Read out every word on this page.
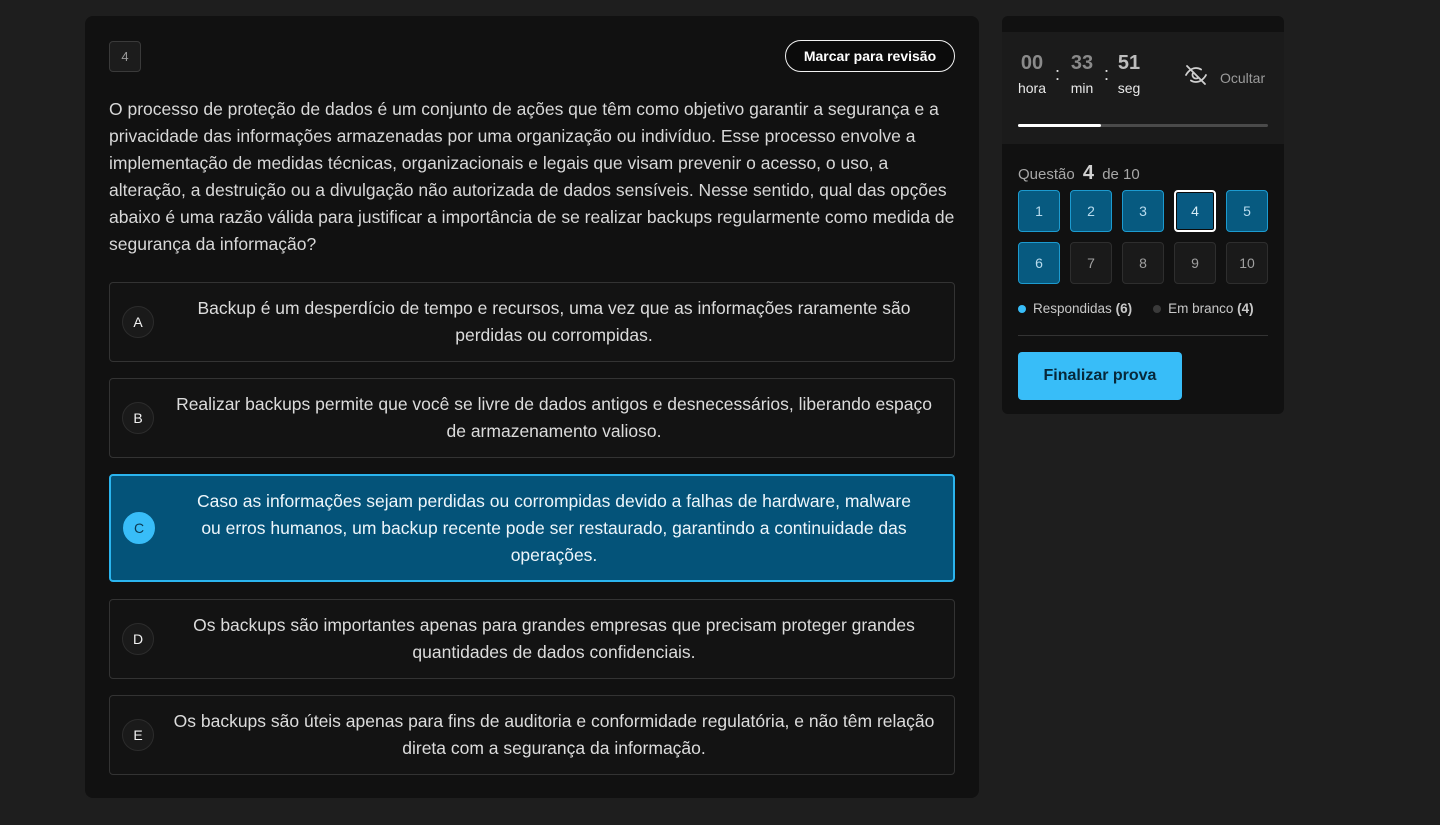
4	Marcar para revisão

O processo de proteção de dados é um conjunto de ações que têm como objetivo garantir a segurança e a privacidade das informações armazenadas por uma organização ou indivíduo. Esse processo envolve a implementação de medidas técnicas, organizacionais e legais que visam prevenir o acesso, o uso, a alteração, a destruição ou a divulgação não autorizada de dados sensíveis. Nesse sentido, qual das opções abaixo é uma razão válida para justificar a importância de se realizar backups regularmente como medida de segurança da informação?

A
Backup é um desperdício de tempo e recursos, uma vez que as informações raramente são perdidas ou corrompidas.
B
Realizar backups permite que você se livre de dados antigos e desnecessários, liberando espaço de armazenamento valioso.
C
Caso as informações sejam perdidas ou corrompidas devido a falhas de hardware, malware ou erros humanos, um backup recente pode ser restaurado, garantindo a continuidade das operações.
D
Os backups são importantes apenas para grandes empresas que precisam proteger grandes quantidades de dados confidenciais.
E
Os backups são úteis apenas para fins de auditoria e conformidade regulatória, e não têm relação direta com a segurança da informação.
00
hora
: 33
min
: 51
seg
Ocultar
Questão 4 de 10
1	2	3	4	5
6	7	8	9	10
Respondidas
(6)	Em branco
(4)
Finalizar prova
